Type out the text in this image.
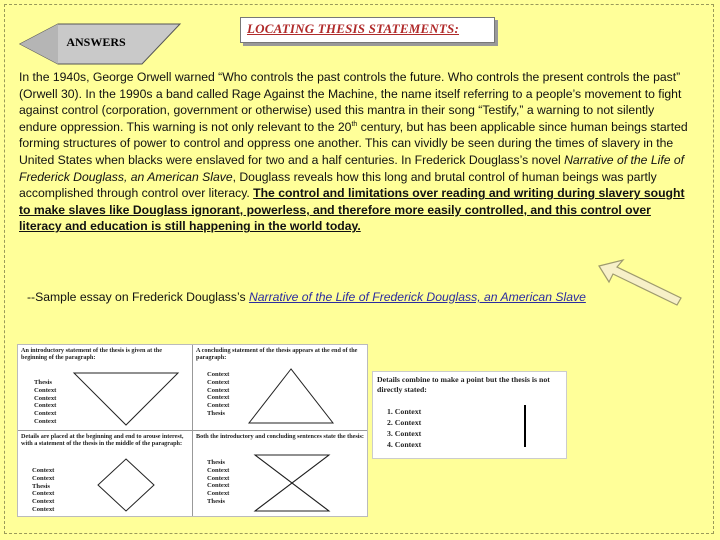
ANSWERS
LOCATING THESIS STATEMENTS:
In the 1940s, George Orwell warned “Who controls the past controls the future. Who controls the present controls the past” (Orwell 30). In the 1990s a band called Rage Against the Machine, the name itself referring to a people’s movement to fight against control (corporation, government or otherwise) used this mantra in their song “Testify,” a warning to not silently endure oppression. This warning is not only relevant to the 20th century, but has been applicable since human beings started forming structures of power to control and oppress one another. This can vividly be seen during the times of slavery in the United States when blacks were enslaved for two and a half centuries. In Frederick Douglass’s novel Narrative of the Life of Frederick Douglass, an American Slave, Douglass reveals how this long and brutal control of human beings was partly accomplished through control over literacy. The control and limitations over reading and writing during slavery sought to make slaves like Douglass ignorant, powerless, and therefore more easily controlled, and this control over literacy and education is still happening in the world today.
--Sample essay on Frederick Douglass’s Narrative of the Life of Frederick Douglass, an American Slave
An introductory statement of the thesis is given at the beginning of the paragraph:
Thesis
Context
Context
Context
Context
Context
A concluding statement of the thesis appears at the end of the paragraph:
Context
Context
Context
Context
Context
Thesis
Details are placed at the beginning and end to arouse interest, with a statement of the thesis in the middle of the paragraph:
Context
Context
Thesis
Context
Context
Context
Both the introductory and concluding sentences state the thesis:
Thesis
Context
Context
Context
Context
Thesis
Details combine to make a point but the thesis is not directly stated:
1. Context
2. Context
3. Context
4. Context
